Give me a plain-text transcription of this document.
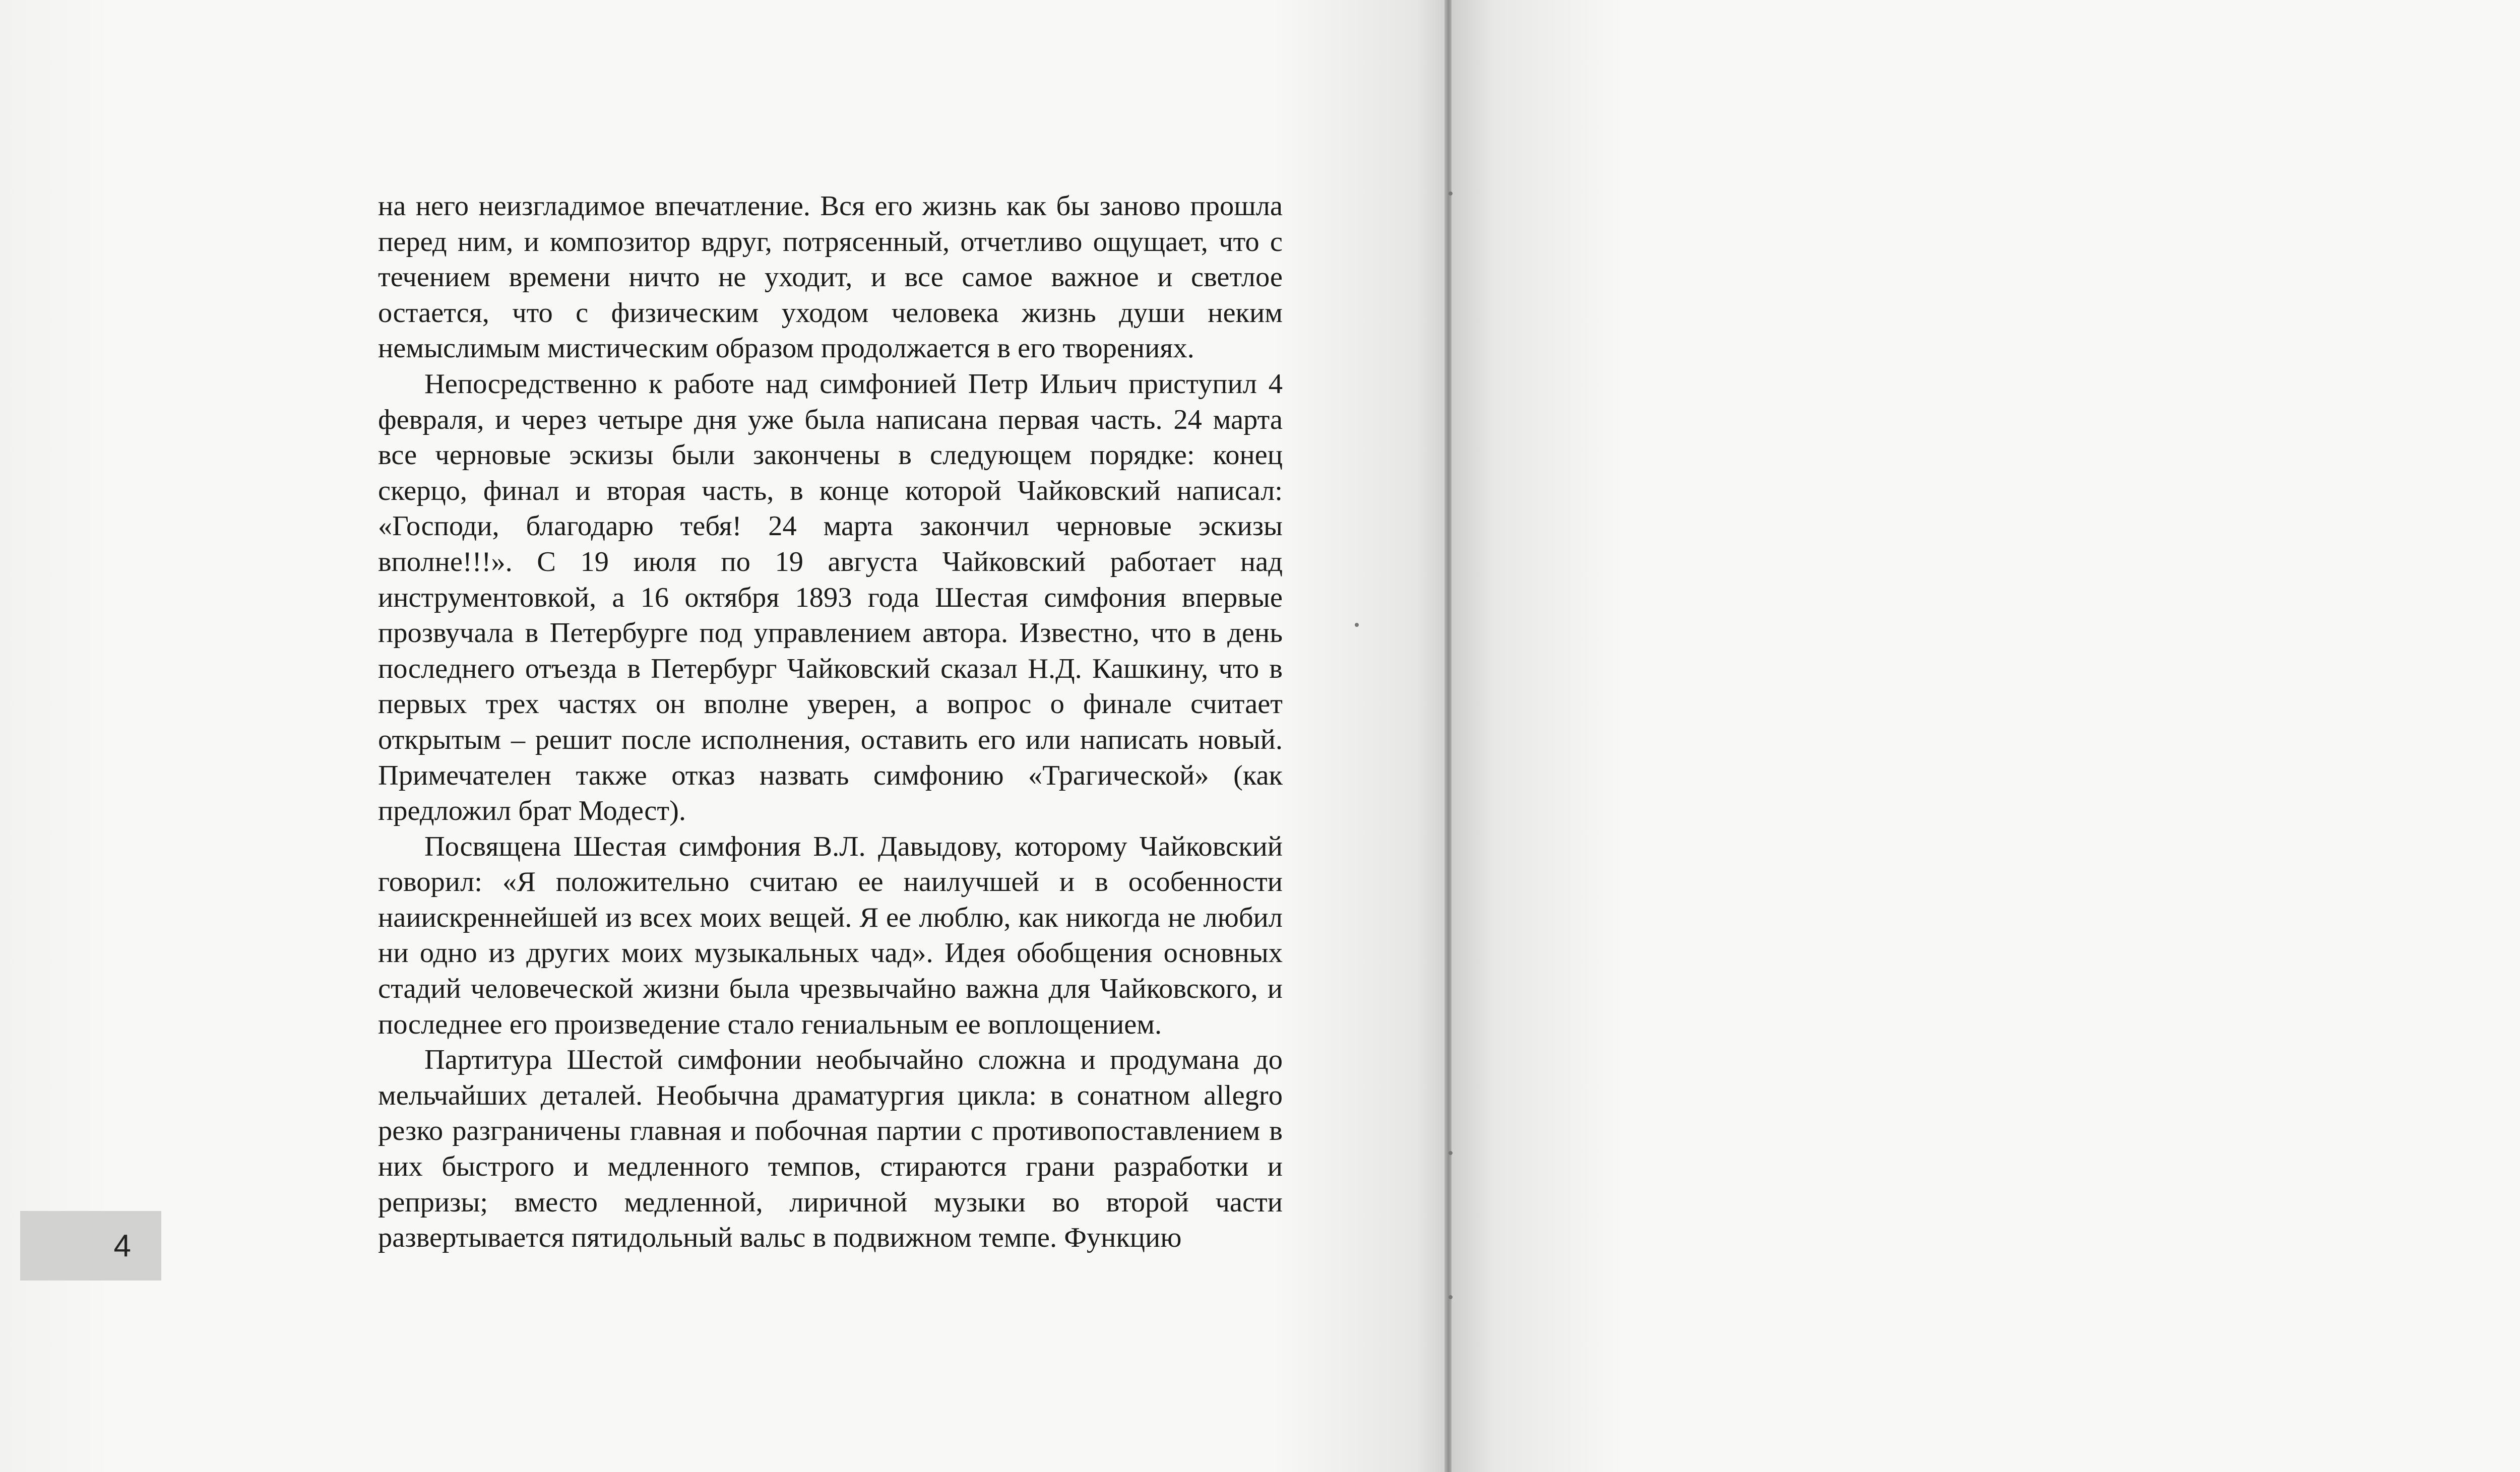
на него неизгладимое впечатление. Вся его жизнь как бы заново прошла перед ним, и композитор вдруг, потрясенный, отчетливо ощущает, что с течением времени ничто не уходит, и все самое важное и светлое остается, что с физическим уходом человека жизнь души неким немыслимым мистическим образом продолжается в его творениях.

Непосредственно к работе над симфонией Петр Ильич приступил 4 февраля, и через четыре дня уже была написана первая часть. 24 марта все черновые эскизы были закончены в следующем порядке: конец скерцо, финал и вторая часть, в конце которой Чайковский написал: «Господи, благодарю тебя! 24 марта закончил черновые эскизы вполне!!!». С 19 июля по 19 августа Чайковский работает над инструментовкой, а 16 октября 1893 года Шестая симфония впервые прозвучала в Петербурге под управлением автора. Известно, что в день последнего отъезда в Петербург Чайковский сказал Н.Д. Кашкину, что в первых трех частях он вполне уверен, а вопрос о финале считает открытым – решит после исполнения, оставить его или написать новый. Примечателен также отказ назвать симфонию «Трагической» (как предложил брат Модест).

Посвящена Шестая симфония В.Л. Давыдову, которому Чайковский говорил: «Я положительно считаю ее наилучшей и в особенности наиискреннейшей из всех моих вещей. Я ее люблю, как никогда не любил ни одно из других моих музыкальных чад». Идея обобщения основных стадий человеческой жизни была чрезвычайно важна для Чайковского, и последнее его произведение стало гениальным ее воплощением.

Партитура Шестой симфонии необычайно сложна и продумана до мельчайших деталей. Необычна драматургия цикла: в сонатном allegro резко разграничены главная и побочная партии с противопоставлением в них быстрого и медленного темпов, стираются грани разработки и репризы; вместо медленной, лиричной музыки во второй части развертывается пятидольный вальс в подвижном темпе. Функцию

4
